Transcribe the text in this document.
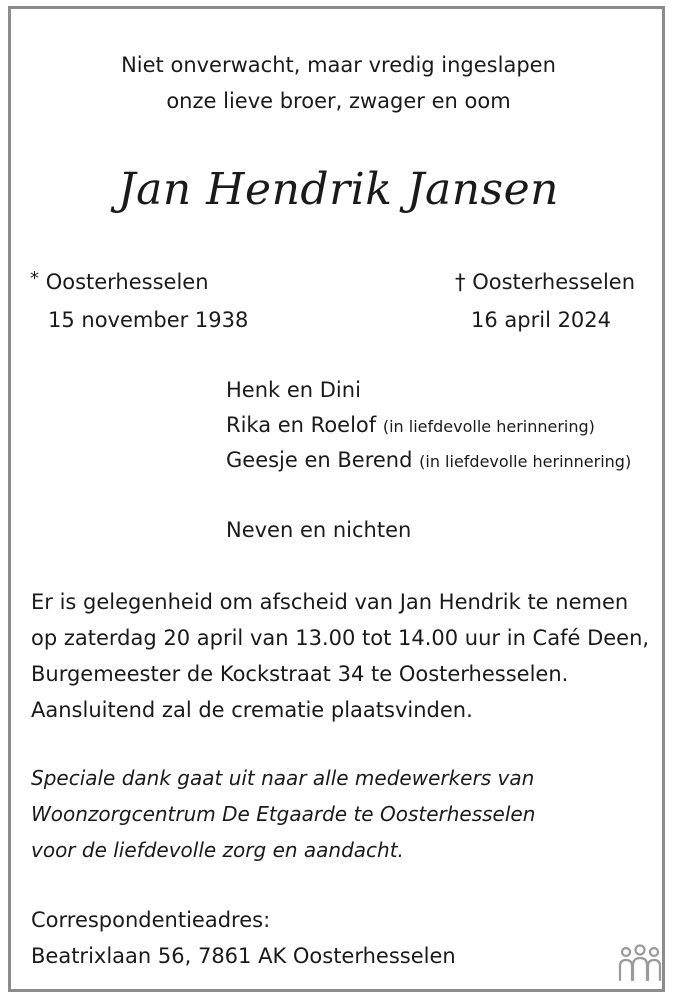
Niet onverwacht, maar vredig ingeslapen
onze lieve broer, zwager en oom
Jan Hendrik Jansen
* Oosterhesselen
15 november 1938
† Oosterhesselen
16 april 2024
Henk en Dini
Rika en Roelof (in liefdevolle herinnering)
Geesje en Berend (in liefdevolle herinnering)
Neven en nichten
Er is gelegenheid om afscheid van Jan Hendrik te nemen
op zaterdag 20 april van 13.00 tot 14.00 uur in Café Deen,
Burgemeester de Kockstraat 34 te Oosterhesselen.
Aansluitend zal de crematie plaatsvinden.
Speciale dank gaat uit naar alle medewerkers van
Woonzorgcentrum De Etgaarde te Oosterhesselen
voor de liefdevolle zorg en aandacht.
Correspondentieadres:
Beatrixlaan 56, 7861 AK Oosterhesselen
